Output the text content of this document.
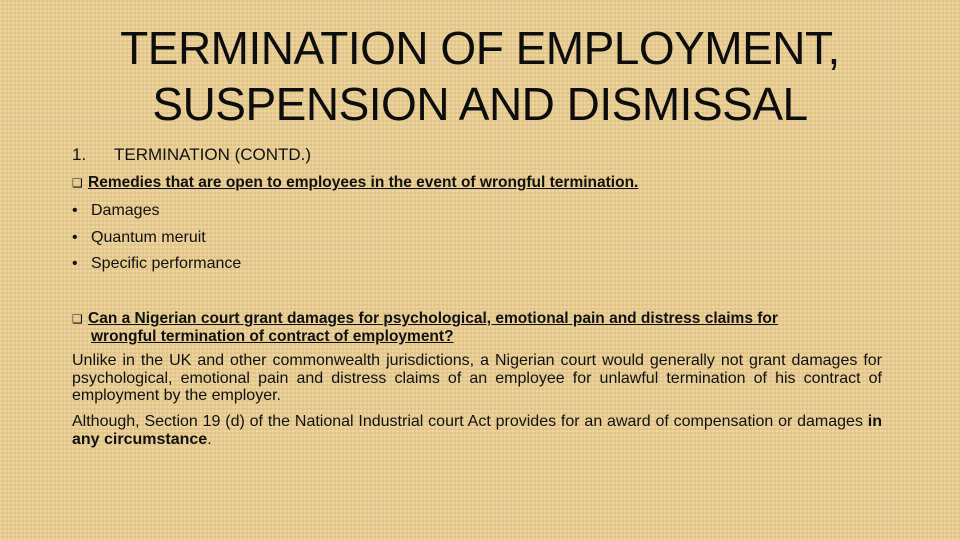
TERMINATION OF EMPLOYMENT,
SUSPENSION AND DISMISSAL
1. TERMINATION (CONTD.)
❑ Remedies that are open to employees in the event of wrongful termination.
• Damages
• Quantum meruit
• Specific performance
❑ Can a Nigerian court grant damages for psychological, emotional pain and distress claims for
wrongful termination of contract of employment?

Unlike in the UK and other commonwealth jurisdictions, a Nigerian court would generally not grant damages for psychological, emotional pain and distress claims of an employee for unlawful termination of his contract of employment by the employer.

Although, Section 19 (d) of the National Industrial court Act provides for an award of compensation or damages in any circumstance.
